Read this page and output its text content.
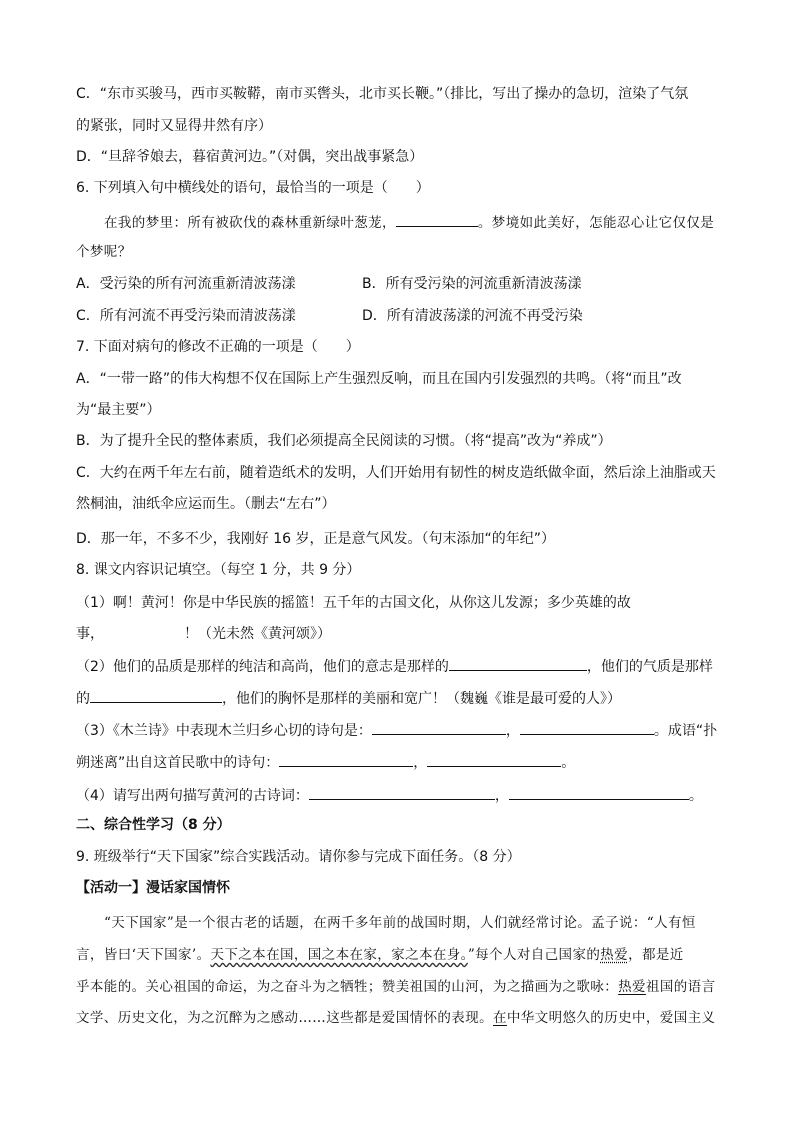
C．“东市买骏马，西市买鞍鞯，南市买辔头，北市买长鞭。”（排比，写出了操办的急切，渲染了气氛
的紧张，同时又显得井然有序）
D．“旦辞爷娘去，暮宿黄河边。”（对偶，突出战事紧急）
6. 下列填入句中横线处的语句，最恰当的一项是（　　）
在我的梦里：所有被砍伐的森林重新绿叶葱茏，	。梦境如此美好，怎能忍心让它仅仅是
个梦呢？
A．受污染的所有河流重新清波荡漾	B．所有受污染的河流重新清波荡漾
C．所有河流不再受污染而清波荡漾	D．所有清波荡漾的河流不再受污染
7. 下面对病句的修改不正确的一项是（　　）
A．“一带一路”的伟大构想不仅在国际上产生强烈反响，而且在国内引发强烈的共鸣。（将“而且”改
为“最主要”）
B．为了提升全民的整体素质，我们必须提高全民阅读的习惯。（将“提高”改为“养成”）
C．大约在两千年左右前，随着造纸术的发明，人们开始用有韧性的树皮造纸做伞面，然后涂上油脂或天
然桐油，油纸伞应运而生。（删去“左右”）
D．那一年，不多不少，我刚好 16 岁，正是意气风发。（句末添加“的年纪”）
8. 课文内容识记填空。（每空 1 分，共 9 分）
（1）啊！黄河！你是中华民族的摇篮！五千年的古国文化，从你这儿发源；多少英雄的故
事，	！（光未然《黄河颂》）
（2）他们的品质是那样的纯洁和高尚，他们的意志是那样的	，他们的气质是那样
的	，他们的胸怀是那样的美丽和宽广！（魏巍《谁是最可爱的人》）
（3）《木兰诗》中表现木兰归乡心切的诗句是：	，	。成语“扑
朔迷离”出自这首民歌中的诗句：	，	。
（4）请写出两句描写黄河的古诗词：	，	。
二、综合性学习（8 分）
9. 班级举行“天下国家”综合实践活动。请你参与完成下面任务。（8 分）
【活动一】漫话家国情怀
“天下国家”是一个很古老的话题，在两千多年前的战国时期，人们就经常讨论。孟子说：“人有恒
言，皆曰‘天下国家’。天下之本在国，国之本在家，家之本在身。”每个人对自己国家的热爱，都是近
乎本能的。关心祖国的命运，为之奋斗为之牺牲；赞美祖国的山河，为之描画为之歌咏：热爱祖国的语言
文学、历史文化，为之沉醉为之感动……这些都是爱国情怀的表现。在中华文明悠久的历史中，爱国主义
